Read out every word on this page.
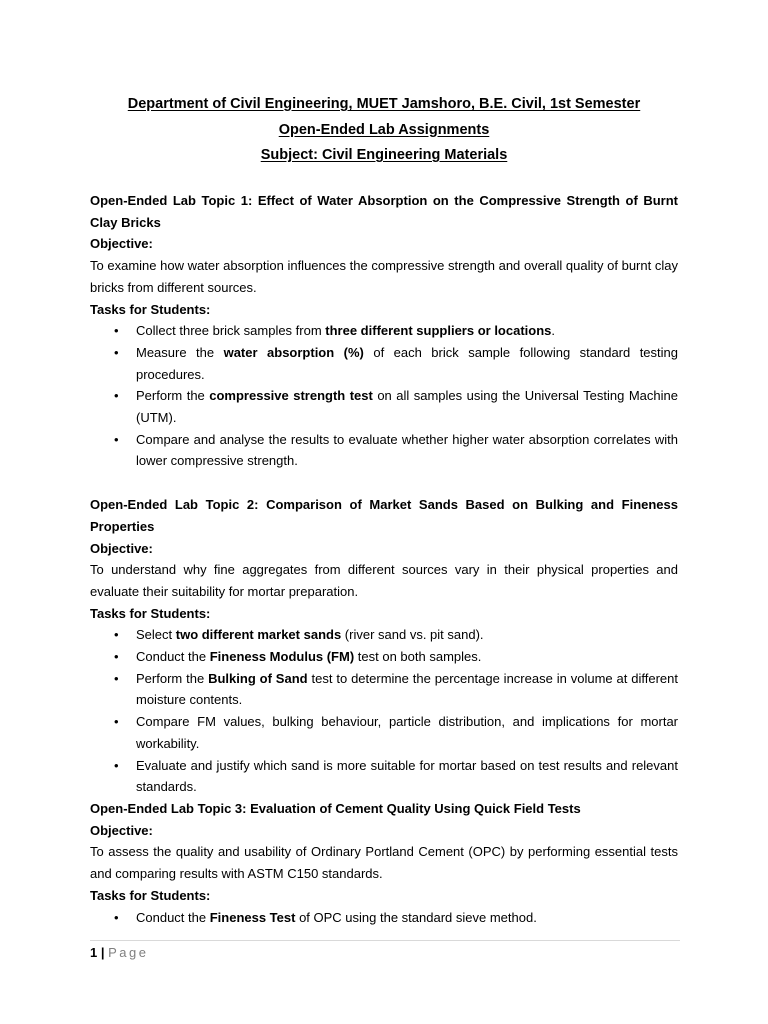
Department of Civil Engineering, MUET Jamshoro, B.E. Civil, 1st Semester
Open-Ended Lab Assignments
Subject: Civil Engineering Materials
Open-Ended Lab Topic 1: Effect of Water Absorption on the Compressive Strength of Burnt Clay Bricks
Objective:
To examine how water absorption influences the compressive strength and overall quality of burnt clay bricks from different sources.
Tasks for Students:
• Collect three brick samples from three different suppliers or locations.
• Measure the water absorption (%) of each brick sample following standard testing procedures.
• Perform the compressive strength test on all samples using the Universal Testing Machine (UTM).
• Compare and analyse the results to evaluate whether higher water absorption correlates with lower compressive strength.
Open-Ended Lab Topic 2: Comparison of Market Sands Based on Bulking and Fineness Properties
Objective:
To understand why fine aggregates from different sources vary in their physical properties and evaluate their suitability for mortar preparation.
Tasks for Students:
• Select two different market sands (river sand vs. pit sand).
• Conduct the Fineness Modulus (FM) test on both samples.
• Perform the Bulking of Sand test to determine the percentage increase in volume at different moisture contents.
• Compare FM values, bulking behaviour, particle distribution, and implications for mortar workability.
• Evaluate and justify which sand is more suitable for mortar based on test results and relevant standards.
Open-Ended Lab Topic 3: Evaluation of Cement Quality Using Quick Field Tests
Objective:
To assess the quality and usability of Ordinary Portland Cement (OPC) by performing essential tests and comparing results with ASTM C150 standards.
Tasks for Students:
• Conduct the Fineness Test of OPC using the standard sieve method.
1 | Page
